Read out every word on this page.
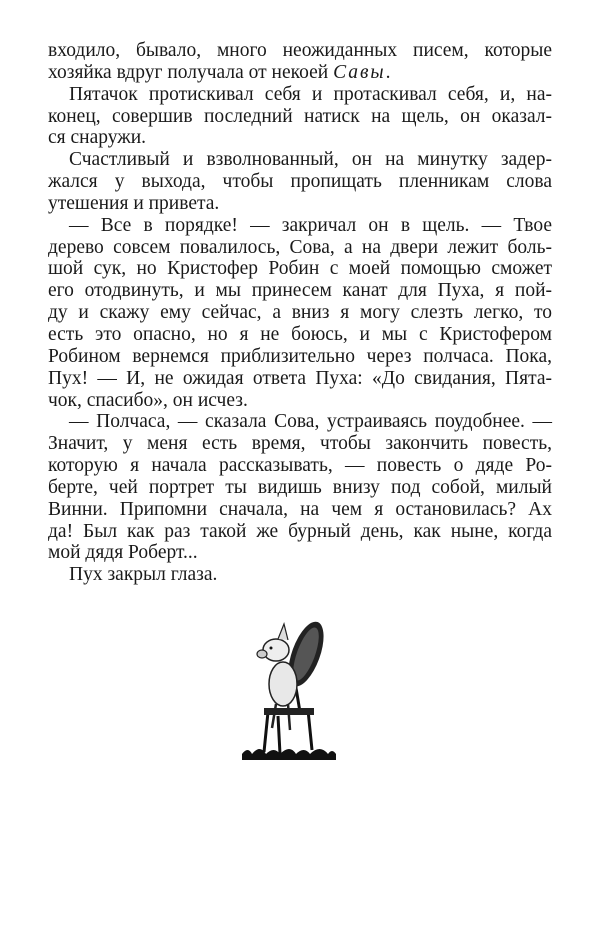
входило, бывало, много неожиданных писем, которые
хозяйка вдруг получала от некоей Савы.
Пятачок протискивал себя и протаскивал себя, и, на-
конец, совершив последний натиск на щель, он оказал-
ся снаружи.
Счастливый и взволнованный, он на минутку задер-
жался у выхода, чтобы пропищать пленникам слова
утешения и привета.
— Все в порядке! — закричал он в щель. — Твое
дерево совсем повалилось, Сова, а на двери лежит боль-
шой сук, но Кристофер Робин с моей помощью сможет
его отодвинуть, и мы принесем канат для Пуха, я пой-
ду и скажу ему сейчас, а вниз я могу слезть легко, то
есть это опасно, но я не боюсь, и мы с Кристофером
Робином вернемся приблизительно через полчаса. Пока,
Пух! — И, не ожидая ответа Пуха: «До свидания, Пята-
чок, спасибо», он исчез.
— Полчаса, — сказала Сова, устраиваясь поудобнее. —
Значит, у меня есть время, чтобы закончить повесть,
которую я начала рассказывать, — повесть о дяде Ро-
берте, чей портрет ты видишь внизу под собой, милый
Винни. Припомни сначала, на чем я остановилась? Ах
да! Был как раз такой же бурный день, как ныне, когда
мой дядя Роберт...
Пух закрыл глаза.
